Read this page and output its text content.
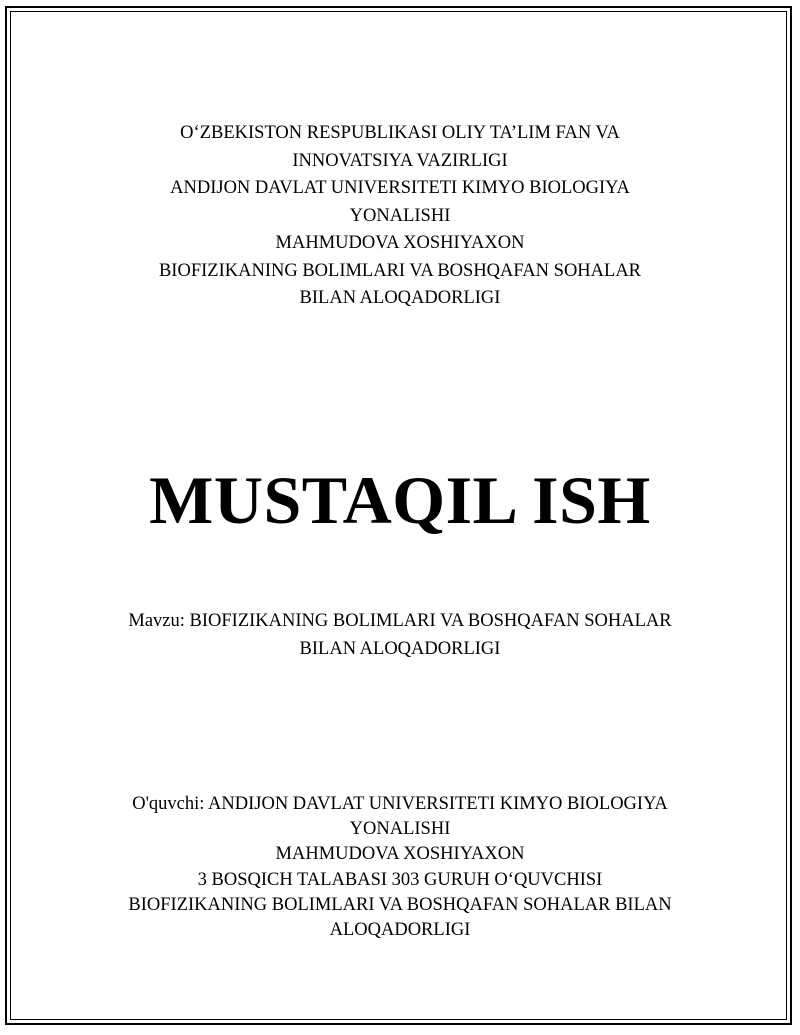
O‘ZBEKISTON RESPUBLIKASI OLIY TA’LIM FAN VA
INNOVATSIYA VAZIRLIGI
ANDIJON DAVLAT UNIVERSITETI KIMYO BIOLOGIYA
YONALISHI
MAHMUDOVA XOSHIYAXON
BIOFIZIKANING BOLIMLARI VA BOSHQAFAN SOHALAR
BILAN ALOQADORLIGI
MUSTAQIL ISH
Mavzu: BIOFIZIKANING BOLIMLARI VA BOSHQAFAN SOHALAR
BILAN ALOQADORLIGI
O'quvchi: ANDIJON DAVLAT UNIVERSITETI KIMYO BIOLOGIYA
YONALISHI
MAHMUDOVA XOSHIYAXON
3 BOSQICH TALABASI 303 GURUH O‘QUVCHISI
BIOFIZIKANING BOLIMLARI VA BOSHQAFAN SOHALAR BILAN
ALOQADORLIGI
